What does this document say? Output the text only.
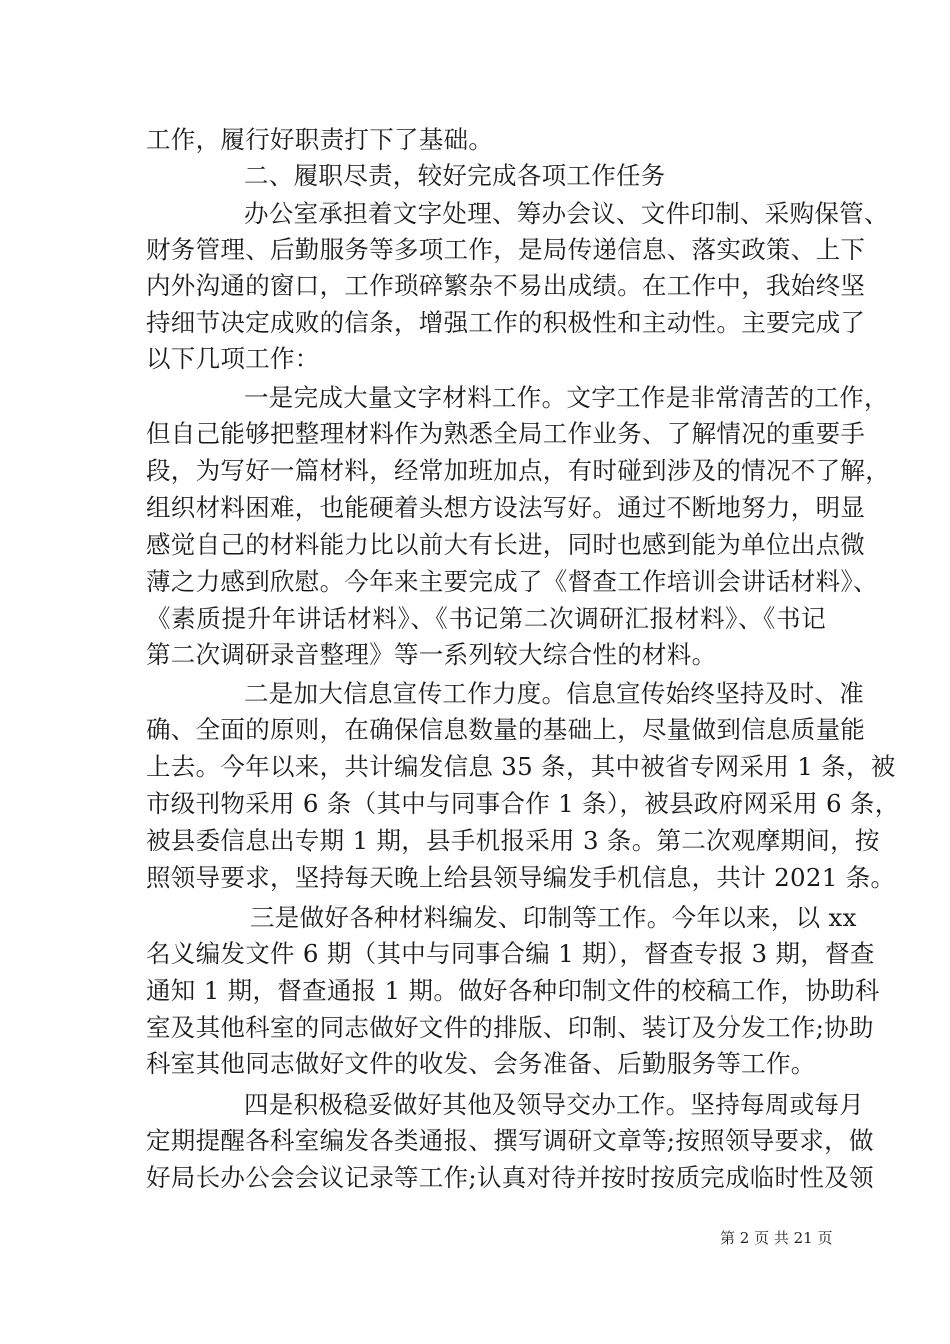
工作，履行好职责打下了基础。
二、履职尽责，较好完成各项工作任务
办公室承担着文字处理、筹办会议、文件印制、采购保管、
财务管理、后勤服务等多项工作，是局传递信息、落实政策、上下
内外沟通的窗口，工作琐碎繁杂不易出成绩。在工作中，我始终坚
持细节决定成败的信条，增强工作的积极性和主动性。主要完成了
以下几项工作：
一是完成大量文字材料工作。文字工作是非常清苦的工作，
但自己能够把整理材料作为熟悉全局工作业务、了解情况的重要手
段，为写好一篇材料，经常加班加点，有时碰到涉及的情况不了解，
组织材料困难，也能硬着头想方设法写好。通过不断地努力，明显
感觉自己的材料能力比以前大有长进，同时也感到能为单位出点微
薄之力感到欣慰。今年来主要完成了《督查工作培训会讲话材料》、
《素质提升年讲话材料》、《书记第二次调研汇报材料》、《书记
第二次调研录音整理》等一系列较大综合性的材料。
二是加大信息宣传工作力度。信息宣传始终坚持及时、准
确、全面的原则，在确保信息数量的基础上，尽量做到信息质量能
上去。今年以来，共计编发信息 35 条，其中被省专网采用 1 条，被
市级刊物采用 6 条（其中与同事合作 1 条），被县政府网采用 6 条，
被县委信息出专期 1 期，县手机报采用 3 条。第二次观摩期间，按
照领导要求，坚持每天晚上给县领导编发手机信息，共计 2021 条。
三是做好各种材料编发、印制等工作。今年以来，以 xx
名义编发文件 6 期（其中与同事合编 1 期），督查专报 3 期，督查
通知 1 期，督查通报 1 期。做好各种印制文件的校稿工作，协助科
室及其他科室的同志做好文件的排版、印制、装订及分发工作;协助
科室其他同志做好文件的收发、会务准备、后勤服务等工作。
四是积极稳妥做好其他及领导交办工作。坚持每周或每月
定期提醒各科室编发各类通报、撰写调研文章等;按照领导要求，做
好局长办公会会议记录等工作;认真对待并按时按质完成临时性及领
第 2 页 共 21 页
